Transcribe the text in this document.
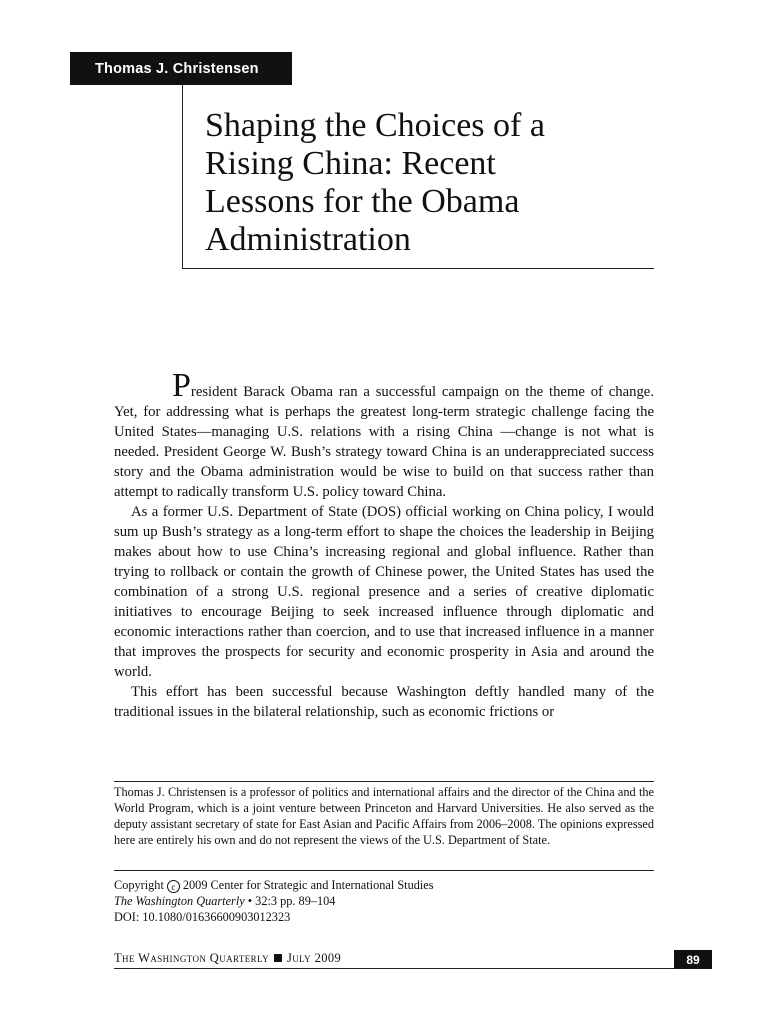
Thomas J. Christensen
Shaping the Choices of a
Rising China: Recent
Lessons for the Obama
Administration

President Barack Obama ran a successful campaign on the theme of change. Yet, for addressing what is perhaps the greatest long-term strategic challenge facing the United States—managing U.S. relations with a rising China —change is not what is needed. President George W. Bush’s strategy toward China is an underappreciated success story and the Obama administration would be wise to build on that success rather than attempt to radically transform U.S. policy toward China.

As a former U.S. Department of State (DOS) official working on China policy, I would sum up Bush’s strategy as a long-term effort to shape the choices the leadership in Beijing makes about how to use China’s increasing regional and global influence. Rather than trying to rollback or contain the growth of Chinese power, the United States has used the combination of a strong U.S. regional presence and a series of creative diplomatic initiatives to encourage Beijing to seek increased influence through diplomatic and economic interactions rather than coercion, and to use that increased influence in a manner that improves the prospects for security and economic prosperity in Asia and around the world.

This effort has been successful because Washington deftly handled many of the traditional issues in the bilateral relationship, such as economic frictions or

Thomas J. Christensen is a professor of politics and international affairs and the director of the China and the World Program, which is a joint venture between Princeton and Harvard Universities. He also served as the deputy assistant secretary of state for East Asian and Pacific Affairs from 2006–2008. The opinions expressed here are entirely his own and do not represent the views of the U.S. Department of State.

Copyright c 2009 Center for Strategic and International Studies
The Washington Quarterly • 32:3 pp. 89–104
DOI: 10.1080/01636600903012323
The Washington Quarterly July 2009	89
